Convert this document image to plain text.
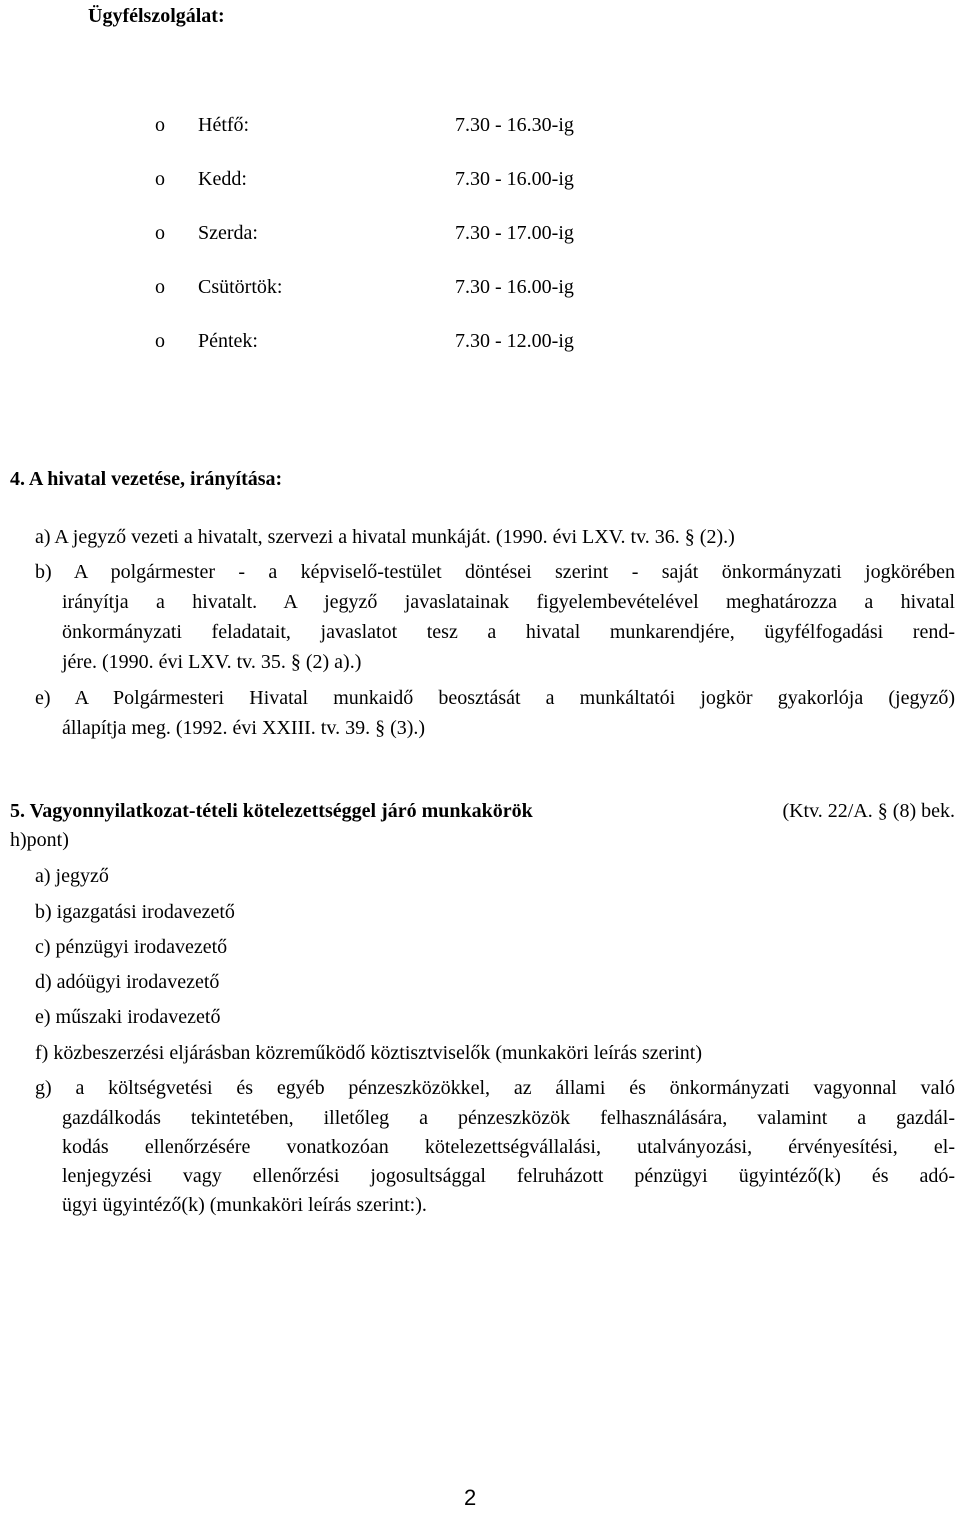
Ügyfélszolgálat:
o Hétfő:	7.30 - 16.30-ig
o Kedd:	7.30 - 16.00-ig
o Szerda:	7.30 - 17.00-ig
o Csütörtök:	7.30 - 16.00-ig
o Péntek:	7.30 - 12.00-ig
4. A hivatal vezetése, irányítása:
a) A jegyző vezeti a hivatalt, szervezi a hivatal munkáját. (1990. évi LXV. tv. 36. § (2).)
b) A polgármester - a képviselő-testület döntései szerint - saját önkormányzati jogkörében
irányítja a hivatalt. A jegyző javaslatainak figyelembevételével meghatározza a hivatal
önkormányzati feladatait, javaslatot tesz a hivatal munkarendjére, ügyfélfogadási rend-
jére. (1990. évi LXV. tv. 35. § (2) a).)
e) A Polgármesteri Hivatal munkaidő beosztását a munkáltatói jogkör gyakorlója (jegyző)
állapítja meg. (1992. évi XXIII. tv. 39. § (3).)
5. Vagyonnyilatkozat-tételi kötelezettséggel járó munkakörök	(Ktv. 22/A. § (8) bek.
h)pont)
a) jegyző
b) igazgatási irodavezető
c) pénzügyi irodavezető
d) adóügyi irodavezető
e) műszaki irodavezető
f) közbeszerzési eljárásban közreműködő köztisztviselők (munkaköri leírás szerint)
g) a költségvetési és egyéb pénzeszközökkel, az állami és önkormányzati vagyonnal való
gazdálkodás tekintetében, illetőleg a pénzeszközök felhasználására, valamint a gazdál-
kodás ellenőrzésére vonatkozóan kötelezettségvállalási, utalványozási, érvényesítési, el-
lenjegyzési vagy ellenőrzési jogosultsággal felruházott pénzügyi ügyintéző(k) és adó-
ügyi ügyintéző(k) (munkaköri leírás szerint:).
2
